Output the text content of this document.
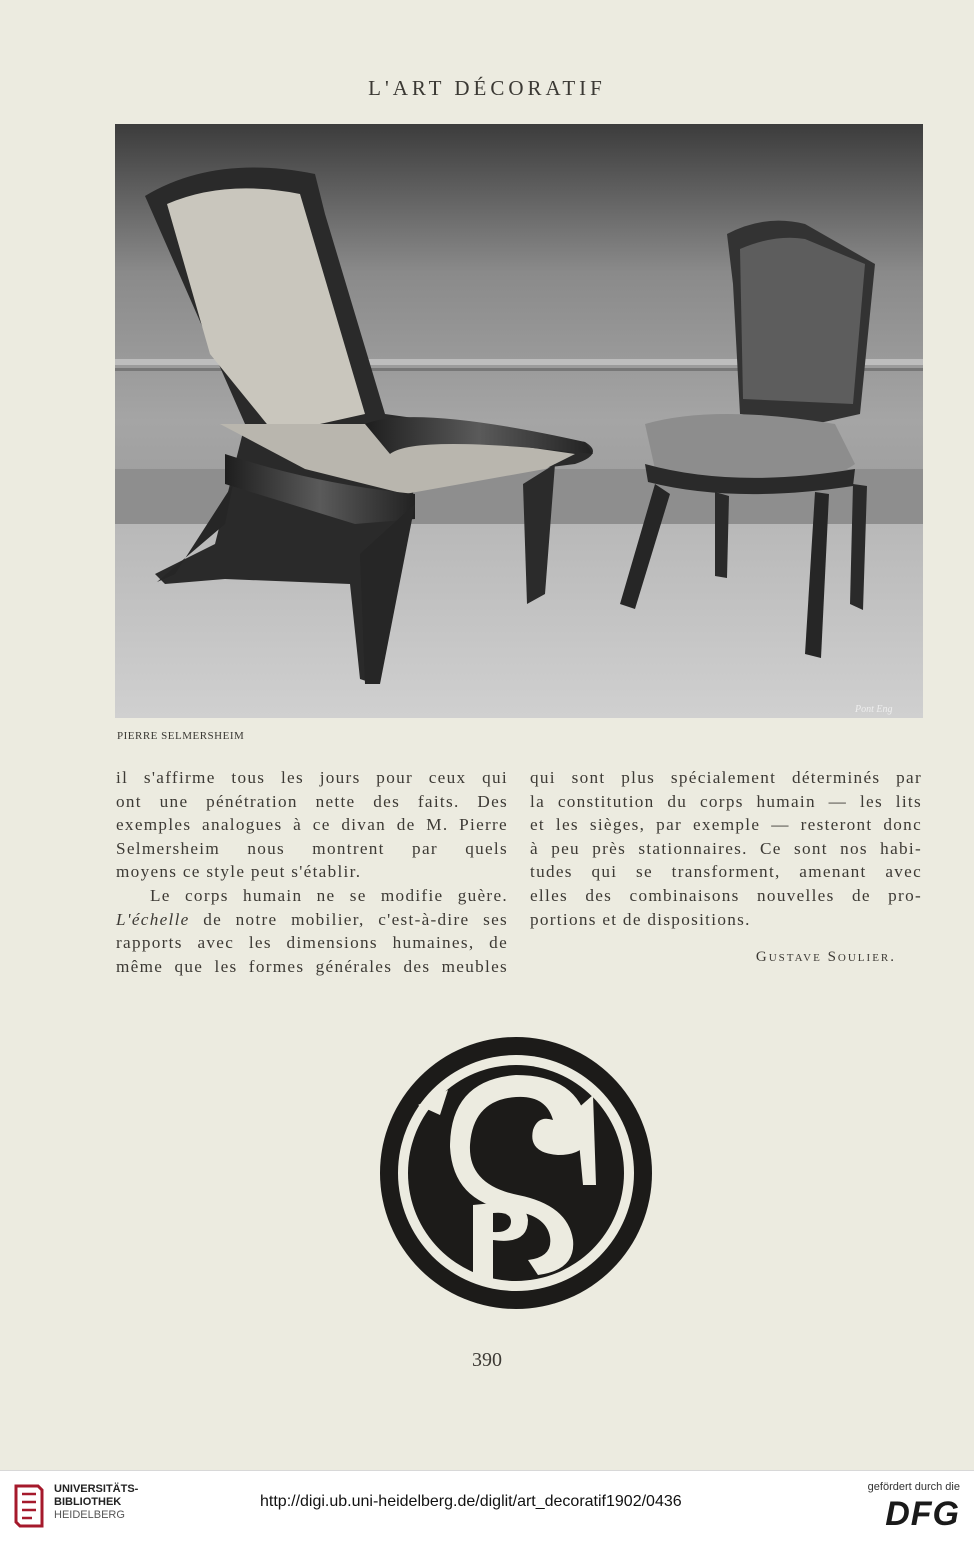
L'ART DÉCORATIF
Pont Eng
PIERRE SELMERSHEIM
il s'affirme tous les jours pour ceux qui
ont une pénétration nette des faits. Des
exemples analogues à ce divan de M. Pierre
Selmersheim nous montrent par quels
moyens ce style peut s'établir.
Le corps humain ne se modifie guère.
L'échelle de notre mobilier, c'est-à-dire ses
rapports avec les dimensions humaines, de
même que les formes générales des meubles
qui sont plus spécialement déterminés par
la constitution du corps humain — les lits
et les sièges, par exemple — resteront donc
à peu près stationnaires. Ce sont nos habi-
tudes qui se transforment, amenant avec
elles des combinaisons nouvelles de pro-
portions et de dispositions.
Gustave Soulier.
390
UNIVERSITÄTS-
BIBLIOTHEK
HEIDELBERG
http://digi.ub.uni-heidelberg.de/diglit/art_decoratif1902/0436
gefördert durch die
DFG
